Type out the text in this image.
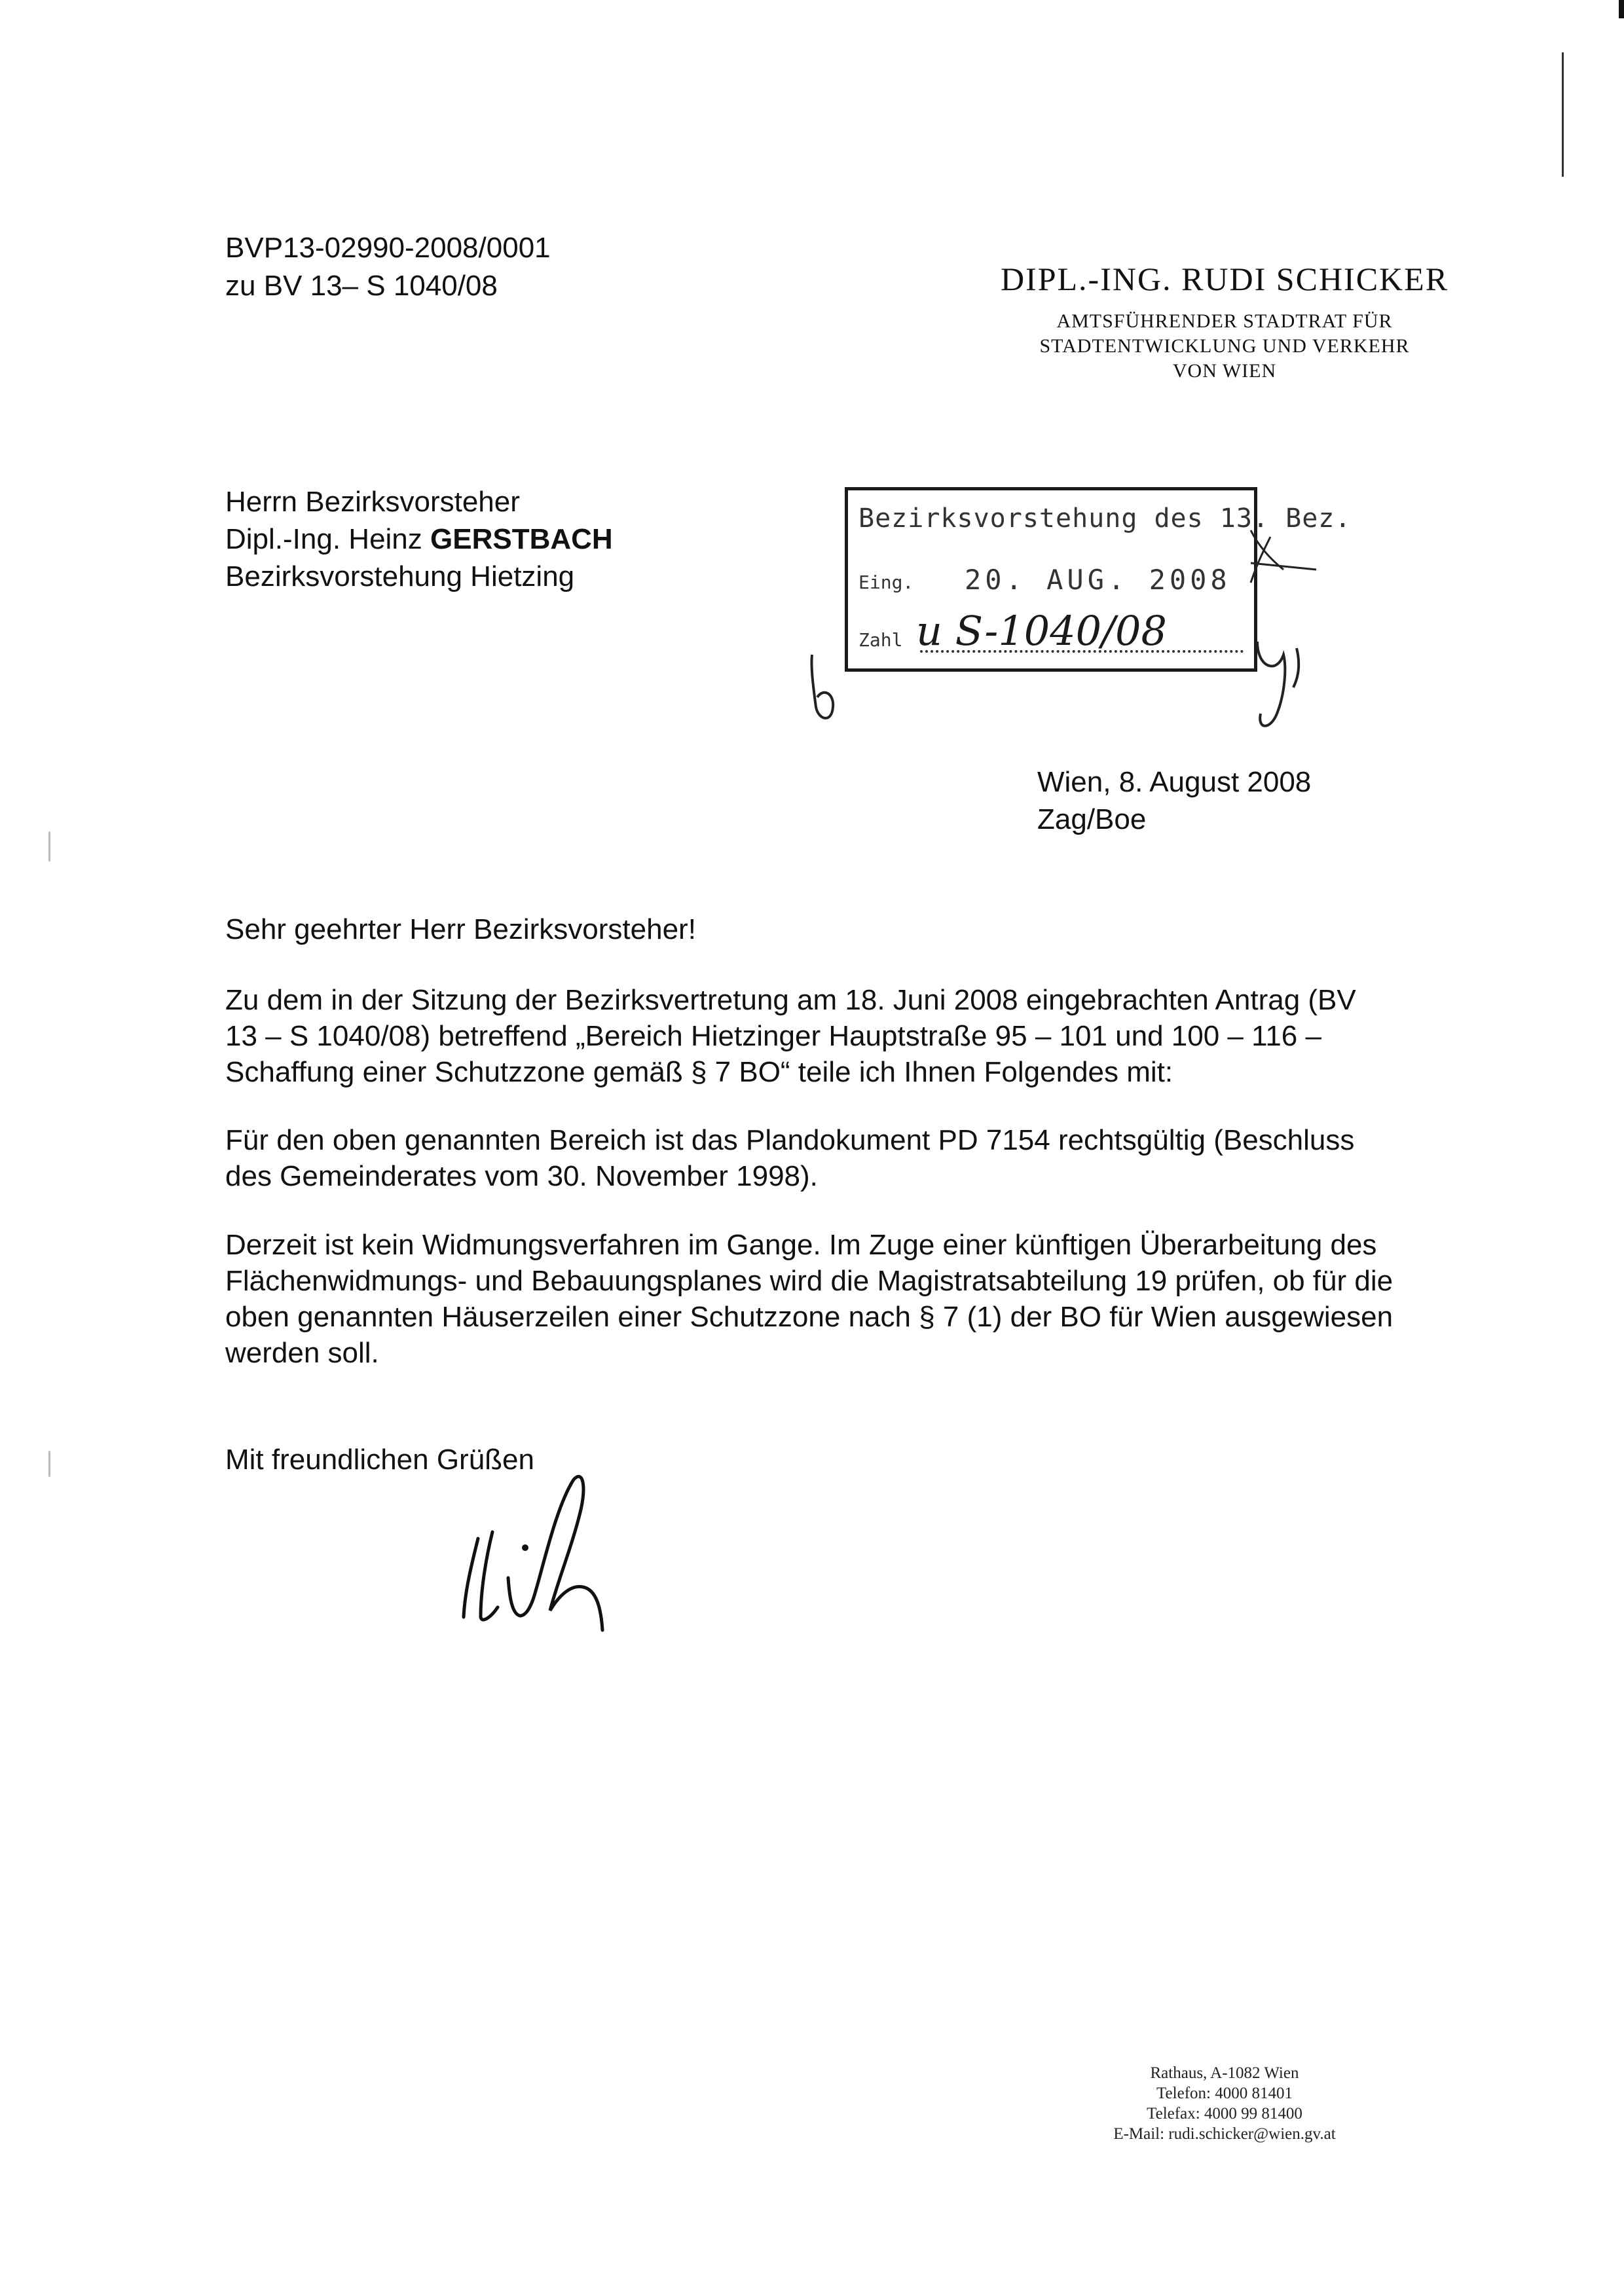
BVP13-02990-2008/0001
zu BV 13– S 1040/08	DIPL.-ING. RUDI SCHICKER
AMTSFÜHRENDER STADTRAT FÜR
STADTENTWICKLUNG UND VERKEHR
VON WIEN
Herrn Bezirksvorsteher
Dipl.-Ing. Heinz GERSTBACH
Bezirksvorstehung Hietzing
Bezirksvorstehung des 13. Bez.
Eing. 20. AUG. 2008
Zahl u S-1040/08
Wien, 8. August 2008
Zag/Boe
Sehr geehrter Herr Bezirksvorsteher!

Zu dem in der Sitzung der Bezirksvertretung am 18. Juni 2008 eingebrachten Antrag (BV 13 – S 1040/08) betreffend „Bereich Hietzinger Hauptstraße 95 – 101 und 100 – 116 – Schaffung einer Schutzzone gemäß § 7 BO“ teile ich Ihnen Folgendes mit:

Für den oben genannten Bereich ist das Plandokument PD 7154 rechtsgültig (Beschluss des Gemeinderates vom 30. November 1998).

Derzeit ist kein Widmungsverfahren im Gange. Im Zuge einer künftigen Überarbeitung des Flächenwidmungs- und Bebauungsplanes wird die Magistratsabteilung 19 prüfen, ob für die oben genannten Häuserzeilen einer Schutzzone nach § 7 (1) der BO für Wien ausgewiesen werden soll.

Mit freundlichen Grüßen
Rathaus, A-1082 Wien
Telefon: 4000 81401
Telefax: 4000 99 81400
E-Mail: rudi.schicker@wien.gv.at
